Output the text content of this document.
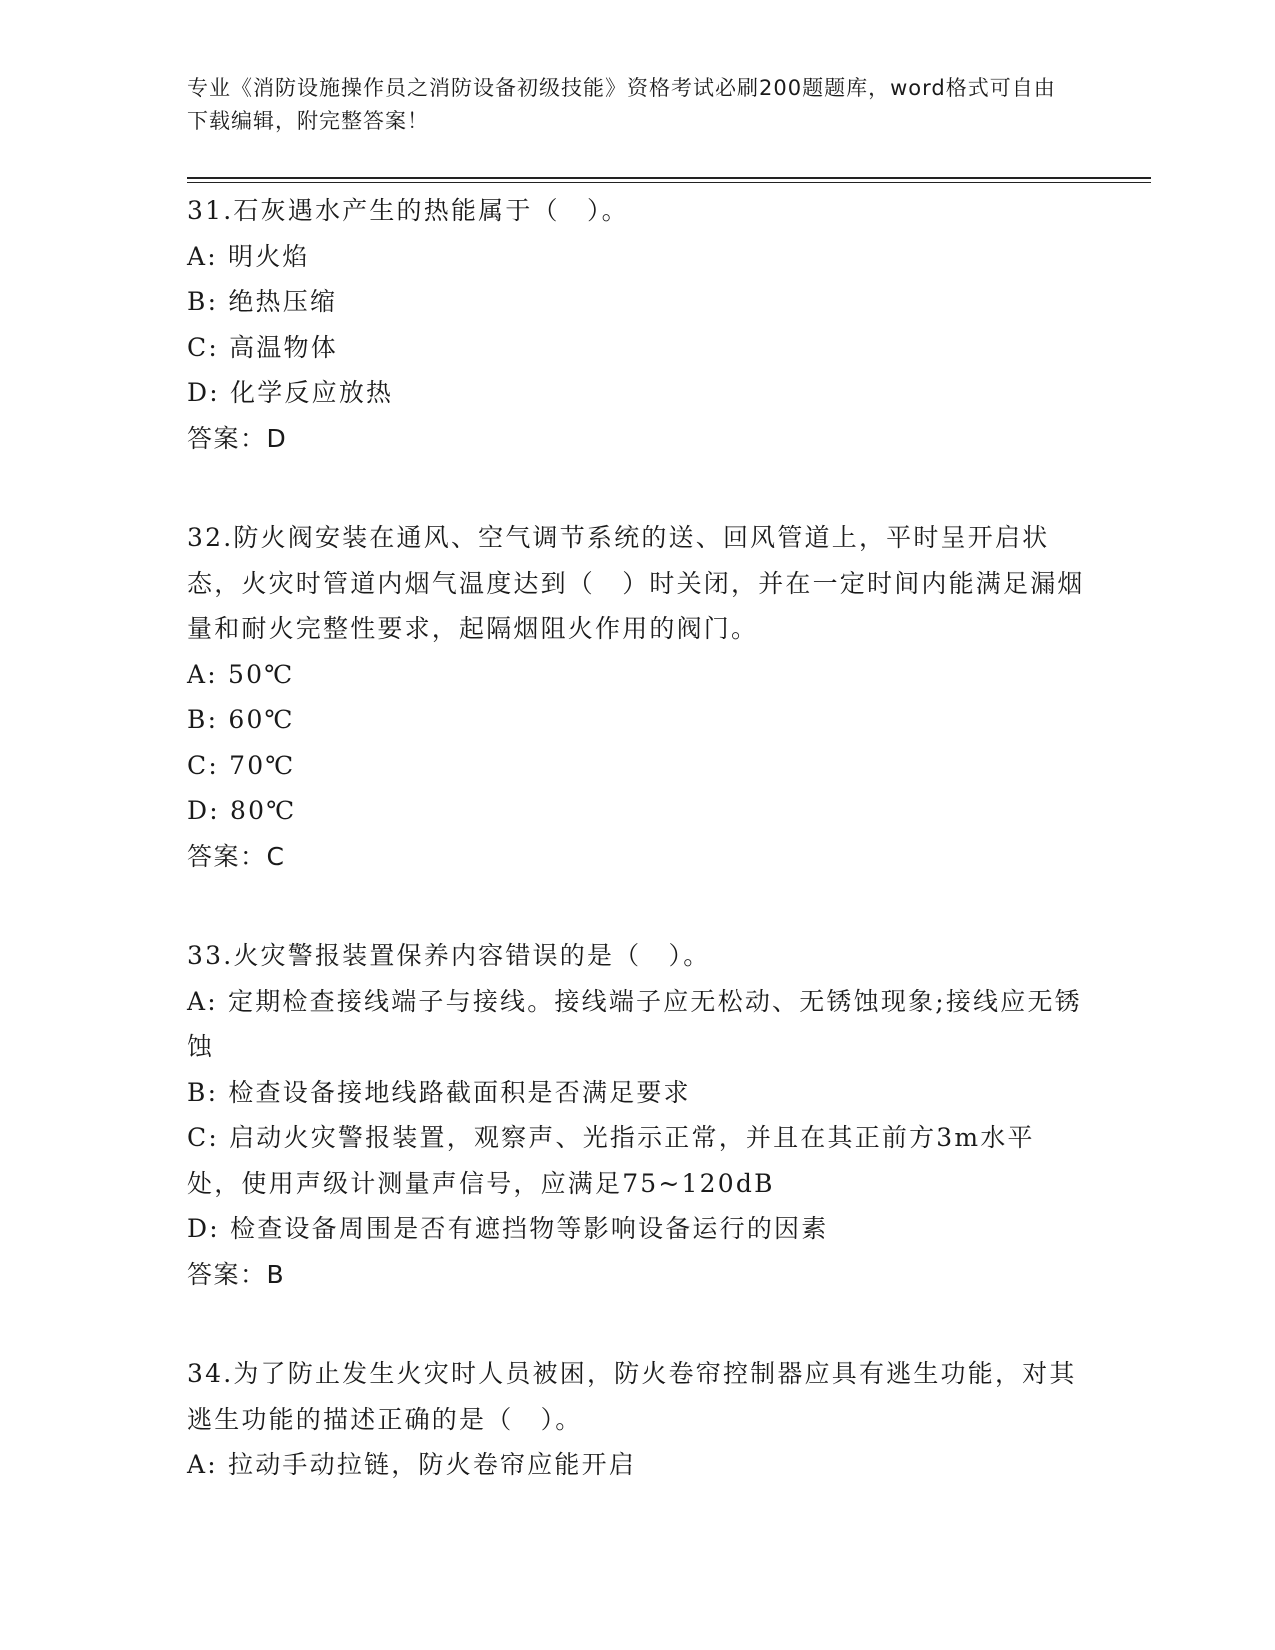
专业《消防设施操作员之消防设备初级技能》资格考试必刷200题题库，word格式可自由下载编辑，附完整答案！
31.石灰遇水产生的热能属于（　）。
A: 明火焰
B: 绝热压缩
C: 高温物体
D: 化学反应放热
答案：D
32.防火阀安装在通风、空气调节系统的送、回风管道上，平时呈开启状态，火灾时管道内烟气温度达到（　）时关闭，并在一定时间内能满足漏烟量和耐火完整性要求，起隔烟阻火作用的阀门。
A: 50℃
B: 60℃
C: 70℃
D: 80℃
答案：C
33.火灾警报装置保养内容错误的是（　）。
A: 定期检查接线端子与接线。接线端子应无松动、无锈蚀现象;接线应无锈蚀
B: 检查设备接地线路截面积是否满足要求
C: 启动火灾警报装置，观察声、光指示正常，并且在其正前方3m水平处，使用声级计测量声信号，应满足75~120dB
D: 检查设备周围是否有遮挡物等影响设备运行的因素
答案：B
34.为了防止发生火灾时人员被困，防火卷帘控制器应具有逃生功能，对其逃生功能的描述正确的是（　）。
A: 拉动手动拉链，防火卷帘应能开启
